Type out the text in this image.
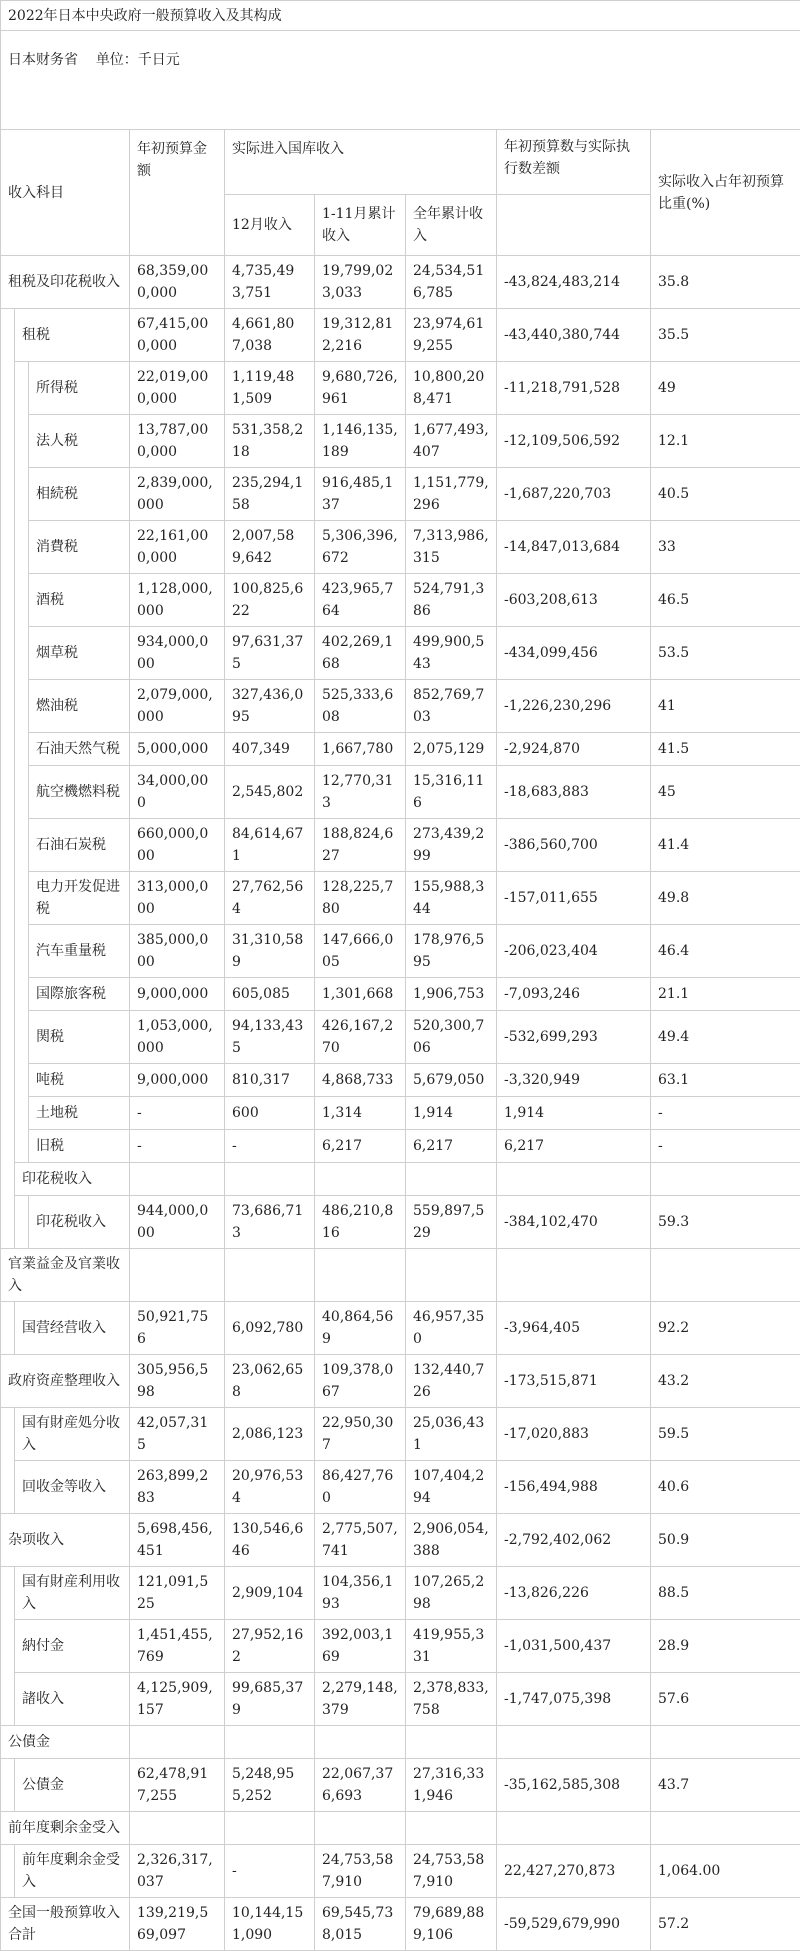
2022年日本中央政府一般预算收入及其构成								
日本财务省 单位：千日元								

收入科目			年初预算金额	实际进入国库收入			年初预算数与实际执行数差额	实际收入占年初预算比重(%)
				12月收入	1-11月累计收入	全年累计收入		
租税及印花税收入			68,359,000,000	4,735,493,751	19,799,023,033	24,534,516,785	-43,824,483,214	35.8
	租税		67,415,000,000	4,661,807,038	19,312,812,216	23,974,619,255	-43,440,380,744	35.5
		所得税	22,019,000,000	1,119,481,509	9,680,726,961	10,800,208,471	-11,218,791,528	49
		法人税	13,787,000,000	531,358,218	1,146,135,189	1,677,493,407	-12,109,506,592	12.1
		相続税	2,839,000,000	235,294,158	916,485,137	1,151,779,296	-1,687,220,703	40.5
		消費税	22,161,000,000	2,007,589,642	5,306,396,672	7,313,986,315	-14,847,013,684	33
		酒税	1,128,000,000	100,825,622	423,965,764	524,791,386	-603,208,613	46.5
		烟草税	934,000,000	97,631,375	402,269,168	499,900,543	-434,099,456	53.5
		燃油税	2,079,000,000	327,436,095	525,333,608	852,769,703	-1,226,230,296	41
		石油天然气税	5,000,000	407,349	1,667,780	2,075,129	-2,924,870	41.5
		航空機燃料税	34,000,000	2,545,802	12,770,313	15,316,116	-18,683,883	45
		石油石炭税	660,000,000	84,614,671	188,824,627	273,439,299	-386,560,700	41.4
		电力开发促进税	313,000,000	27,762,564	128,225,780	155,988,344	-157,011,655	49.8
		汽车重量税	385,000,000	31,310,589	147,666,005	178,976,595	-206,023,404	46.4
		国際旅客税	9,000,000	605,085	1,301,668	1,906,753	-7,093,246	21.1
		関税	1,053,000,000	94,133,435	426,167,270	520,300,706	-532,699,293	49.4
		吨税	9,000,000	810,317	4,868,733	5,679,050	-3,320,949	63.1
		土地税	-	600	1,314	1,914	1,914	-
		旧税	-	-	6,217	6,217	6,217	-
	印花税收入							
		印花税收入	944,000,000	73,686,713	486,210,816	559,897,529	-384,102,470	59.3
官業益金及官業收入								
	国营经营收入		50,921,756	6,092,780	40,864,569	46,957,350	-3,964,405	92.2
政府资産整理收入			305,956,598	23,062,658	109,378,067	132,440,726	-173,515,871	43.2
	国有財産処分收入		42,057,315	2,086,123	22,950,307	25,036,431	-17,020,883	59.5
	回收金等收入		263,899,283	20,976,534	86,427,760	107,404,294	-156,494,988	40.6
杂项收入			5,698,456,451	130,546,646	2,775,507,741	2,906,054,388	-2,792,402,062	50.9
	国有財産利用收入		121,091,525	2,909,104	104,356,193	107,265,298	-13,826,226	88.5
	納付金		1,451,455,769	27,952,162	392,003,169	419,955,331	-1,031,500,437	28.9
	諸收入		4,125,909,157	99,685,379	2,279,148,379	2,378,833,758	-1,747,075,398	57.6
公債金								
	公債金		62,478,917,255	5,248,955,252	22,067,376,693	27,316,331,946	-35,162,585,308	43.7
前年度剰余金受入								
	前年度剰余金受入		2,326,317,037	-	24,753,587,910	24,753,587,910	22,427,270,873	1,064.00
全国一般预算收入合計			139,219,569,097	10,144,151,090	69,545,738,015	79,689,889,106	-59,529,679,990	57.2
